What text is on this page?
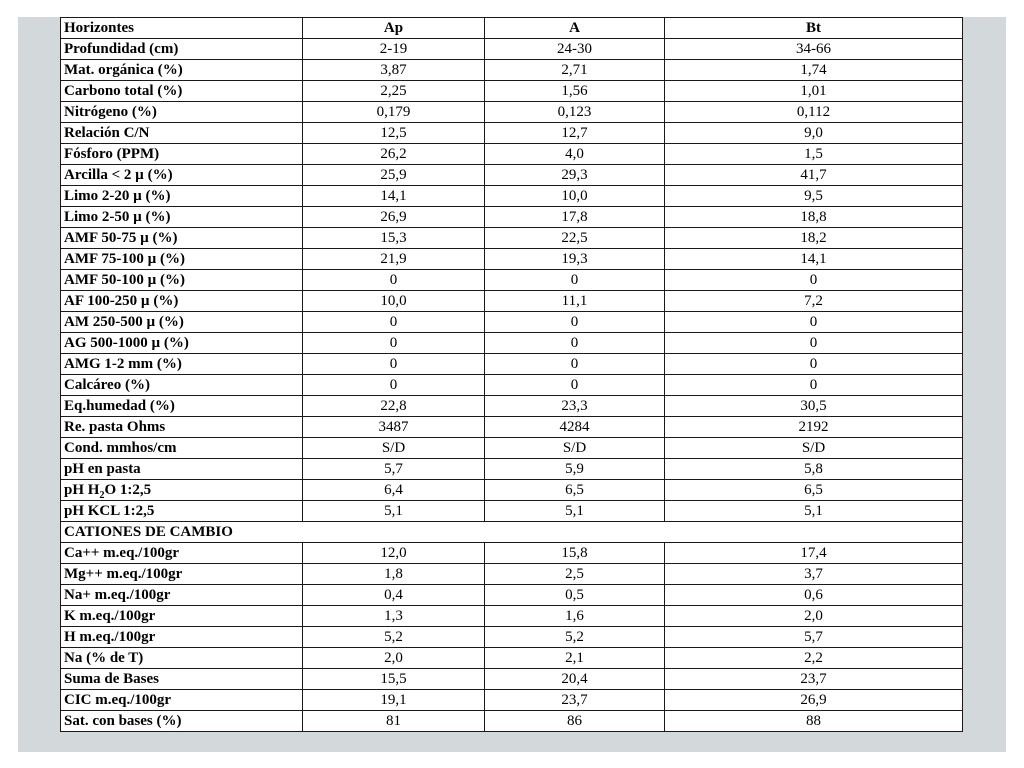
Horizontes	Ap	A	Bt
Profundidad (cm)	2-19	24-30	34-66
Mat. orgánica (%)	3,87	2,71	1,74
Carbono total (%)	2,25	1,56	1,01
Nitrógeno (%)	0,179	0,123	0,112
Relación C/N	12,5	12,7	9,0
Fósforo (PPM)	26,2	4,0	1,5
Arcilla < 2 µ (%)	25,9	29,3	41,7
Limo 2-20 µ (%)	14,1	10,0	9,5
Limo 2-50 µ (%)	26,9	17,8	18,8
AMF 50-75 µ (%)	15,3	22,5	18,2
AMF 75-100 µ (%)	21,9	19,3	14,1
AMF 50-100 µ (%)	0	0	0
AF 100-250 µ (%)	10,0	11,1	7,2
AM 250-500 µ (%)	0	0	0
AG 500-1000 µ (%)	0	0	0
AMG 1-2 mm (%)	0	0	0
Calcáreo (%)	0	0	0
Eq.humedad (%)	22,8	23,3	30,5
Re. pasta Ohms	3487	4284	2192
Cond. mmhos/cm	S/D	S/D	S/D
pH en pasta	5,7	5,9	5,8
pH $H_2O$ 1:2,5	6,4	6,5	6,5
pH KCL 1:2,5	5,1	5,1	5,1
CATIONES DE CAMBIO			
Ca++ m.eq./100gr	12,0	15,8	17,4
Mg++ m.eq./100gr	1,8	2,5	3,7
Na+ m.eq./100gr	0,4	0,5	0,6
K m.eq./100gr	1,3	1,6	2,0
H m.eq./100gr	5,2	5,2	5,7
Na (% de T)	2,0	2,1	2,2
Suma de Bases	15,5	20,4	23,7
CIC m.eq./100gr	19,1	23,7	26,9
Sat. con bases (%)	81	86	88
